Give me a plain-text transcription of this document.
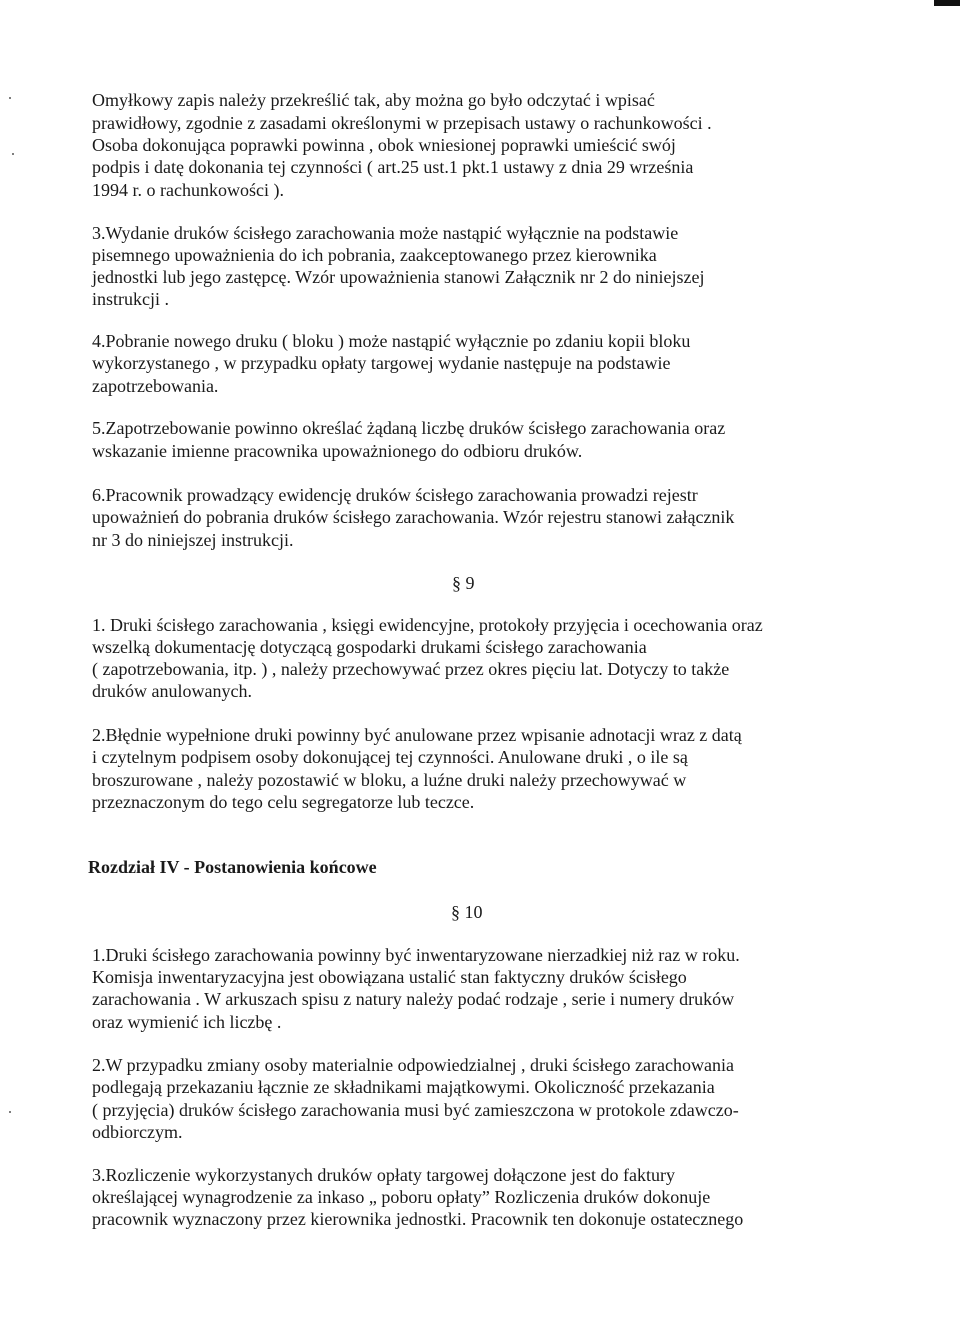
Omyłkowy zapis należy przekreślić tak, aby można go było odczytać i wpisać
prawidłowy, zgodnie z zasadami określonymi w przepisach ustawy o rachunkowości .
Osoba dokonująca poprawki powinna , obok wniesionej poprawki umieścić swój
podpis i datę dokonania tej czynności ( art.25 ust.1 pkt.1 ustawy z dnia 29 września
1994 r. o rachunkowości ).
3.Wydanie druków ścisłego zarachowania może nastąpić wyłącznie na podstawie
pisemnego upoważnienia do ich pobrania, zaakceptowanego przez kierownika
jednostki lub jego zastępcę. Wzór upoważnienia stanowi Załącznik nr 2 do niniejszej
instrukcji .
4.Pobranie nowego druku ( bloku ) może nastąpić wyłącznie po zdaniu kopii bloku
wykorzystanego , w przypadku opłaty targowej wydanie następuje na podstawie
zapotrzebowania.
5.Zapotrzebowanie powinno określać żądaną liczbę druków ścisłego zarachowania oraz
wskazanie imienne pracownika upoważnionego do odbioru druków.
6.Pracownik prowadzący ewidencję druków ścisłego zarachowania prowadzi rejestr
upoważnień do pobrania druków ścisłego zarachowania. Wzór rejestru stanowi załącznik
nr 3 do niniejszej instrukcji.
§ 9
1. Druki ścisłego zarachowania , księgi ewidencyjne, protokoły przyjęcia i ocechowania oraz
wszelką dokumentację dotyczącą gospodarki drukami ścisłego zarachowania
( zapotrzebowania, itp. ) , należy przechowywać przez okres pięciu lat. Dotyczy to także
druków anulowanych.
2.Błędnie wypełnione druki powinny być anulowane przez wpisanie adnotacji wraz z datą
i czytelnym podpisem osoby dokonującej tej czynności. Anulowane druki , o ile są
broszurowane , należy pozostawić w bloku, a luźne druki należy przechowywać w
przeznaczonym do tego celu segregatorze lub teczce.
Rozdział IV - Postanowienia końcowe
§ 10
1.Druki ścisłego zarachowania powinny być inwentaryzowane nierzadkiej niż raz w roku.
Komisja inwentaryzacyjna jest obowiązana ustalić stan faktyczny druków ścisłego
zarachowania . W arkuszach spisu z natury należy podać rodzaje , serie i numery druków
oraz wymienić ich liczbę .
2.W przypadku zmiany osoby materialnie odpowiedzialnej , druki ścisłego zarachowania
podlegają przekazaniu łącznie ze składnikami majątkowymi. Okoliczność przekazania
( przyjęcia) druków ścisłego zarachowania musi być zamieszczona w protokole zdawczo-
odbiorczym.
3.Rozliczenie wykorzystanych druków opłaty targowej dołączone jest do faktury
określającej wynagrodzenie za inkaso „ poboru opłaty” Rozliczenia druków dokonuje
pracownik wyznaczony przez kierownika jednostki. Pracownik ten dokonuje ostatecznego
